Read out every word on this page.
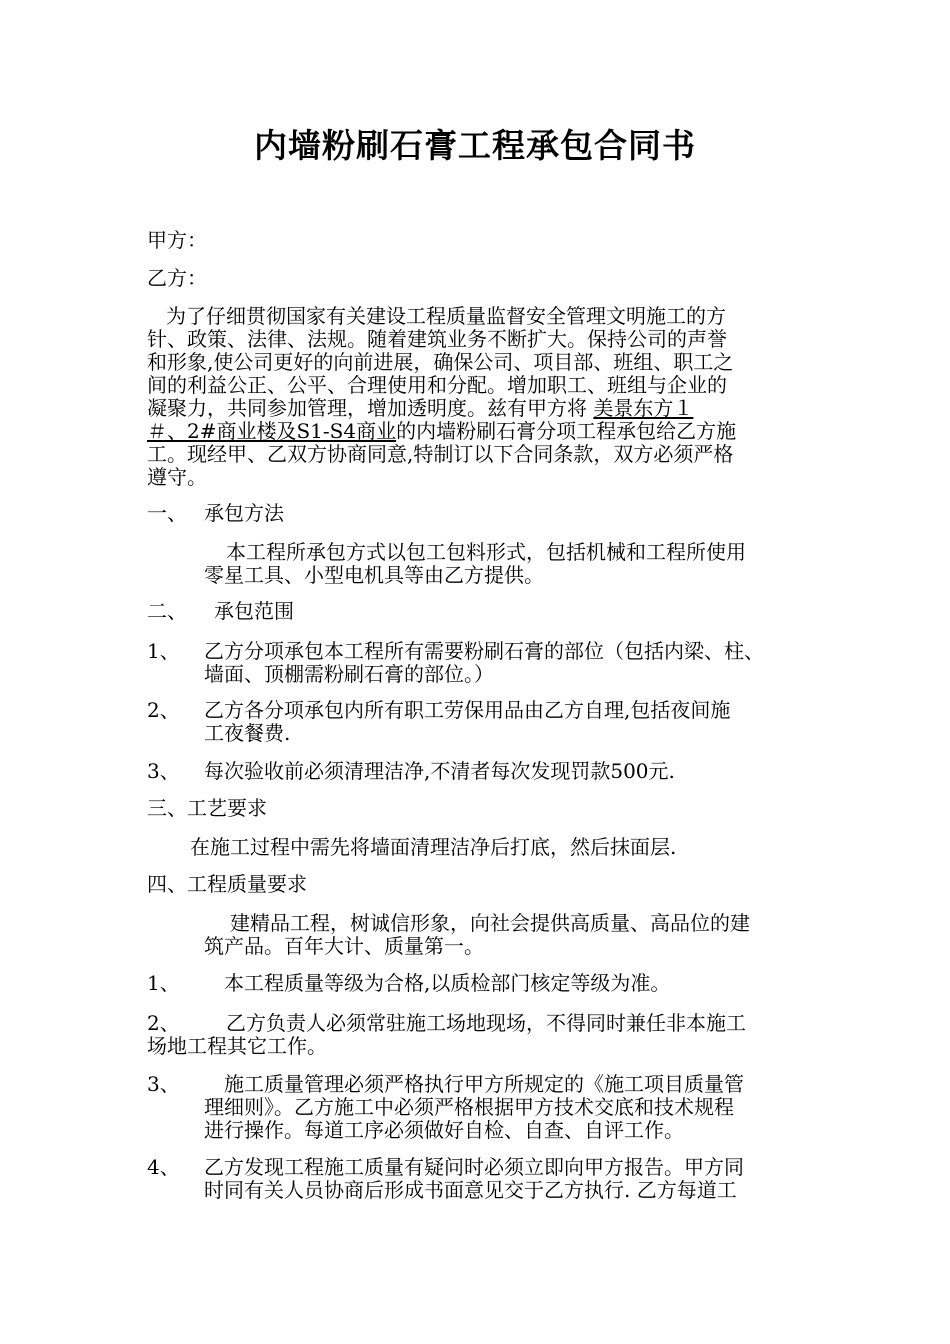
内墙粉刷石膏工程承包合同书
甲方：
乙方：
为了仔细贯彻国家有关建设工程质量监督安全管理文明施工的方
针、政策、法律、法规。随着建筑业务不断扩大。保持公司的声誉
和形象,使公司更好的向前进展，确保公司、项目部、班组、职工之
间的利益公正、公平、合理使用和分配。增加职工、班组与企业的
凝聚力，共同参加管理，增加透明度。兹有甲方将 美景东方１
＃、2#商业楼及S1-S4商业的内墙粉刷石膏分项工程承包给乙方施
工。现经甲、乙双方协商同意,特制订以下合同条款，双方必须严格
遵守。
一、 承包方法
本工程所承包方式以包工包料形式，包括机械和工程所使用
零星工具、小型电机具等由乙方提供。
二、 承包范围
1、 乙方分项承包本工程所有需要粉刷石膏的部位（包括内梁、柱、
墙面、顶棚需粉刷石膏的部位。）
2、 乙方各分项承包内所有职工劳保用品由乙方自理,包括夜间施
工夜餐费.
3、 每次验收前必须清理洁净,不清者每次发现罚款500元.
三、工艺要求
在施工过程中需先将墙面清理洁净后打底，然后抹面层.
四、工程质量要求
建精品工程，树诚信形象，向社会提供高质量、高品位的建
筑产品。百年大计、质量第一。
1、 本工程质量等级为合格,以质检部门核定等级为准。
2、 乙方负责人必须常驻施工场地现场，不得同时兼任非本施工
场地工程其它工作。
3、 施工质量管理必须严格执行甲方所规定的《施工项目质量管
理细则》。乙方施工中必须严格根据甲方技术交底和技术规程
进行操作。每道工序必须做好自检、自查、自评工作。
4、 乙方发现工程施工质量有疑问时必须立即向甲方报告。甲方同
时同有关人员协商后形成书面意见交于乙方执行. 乙方每道工
